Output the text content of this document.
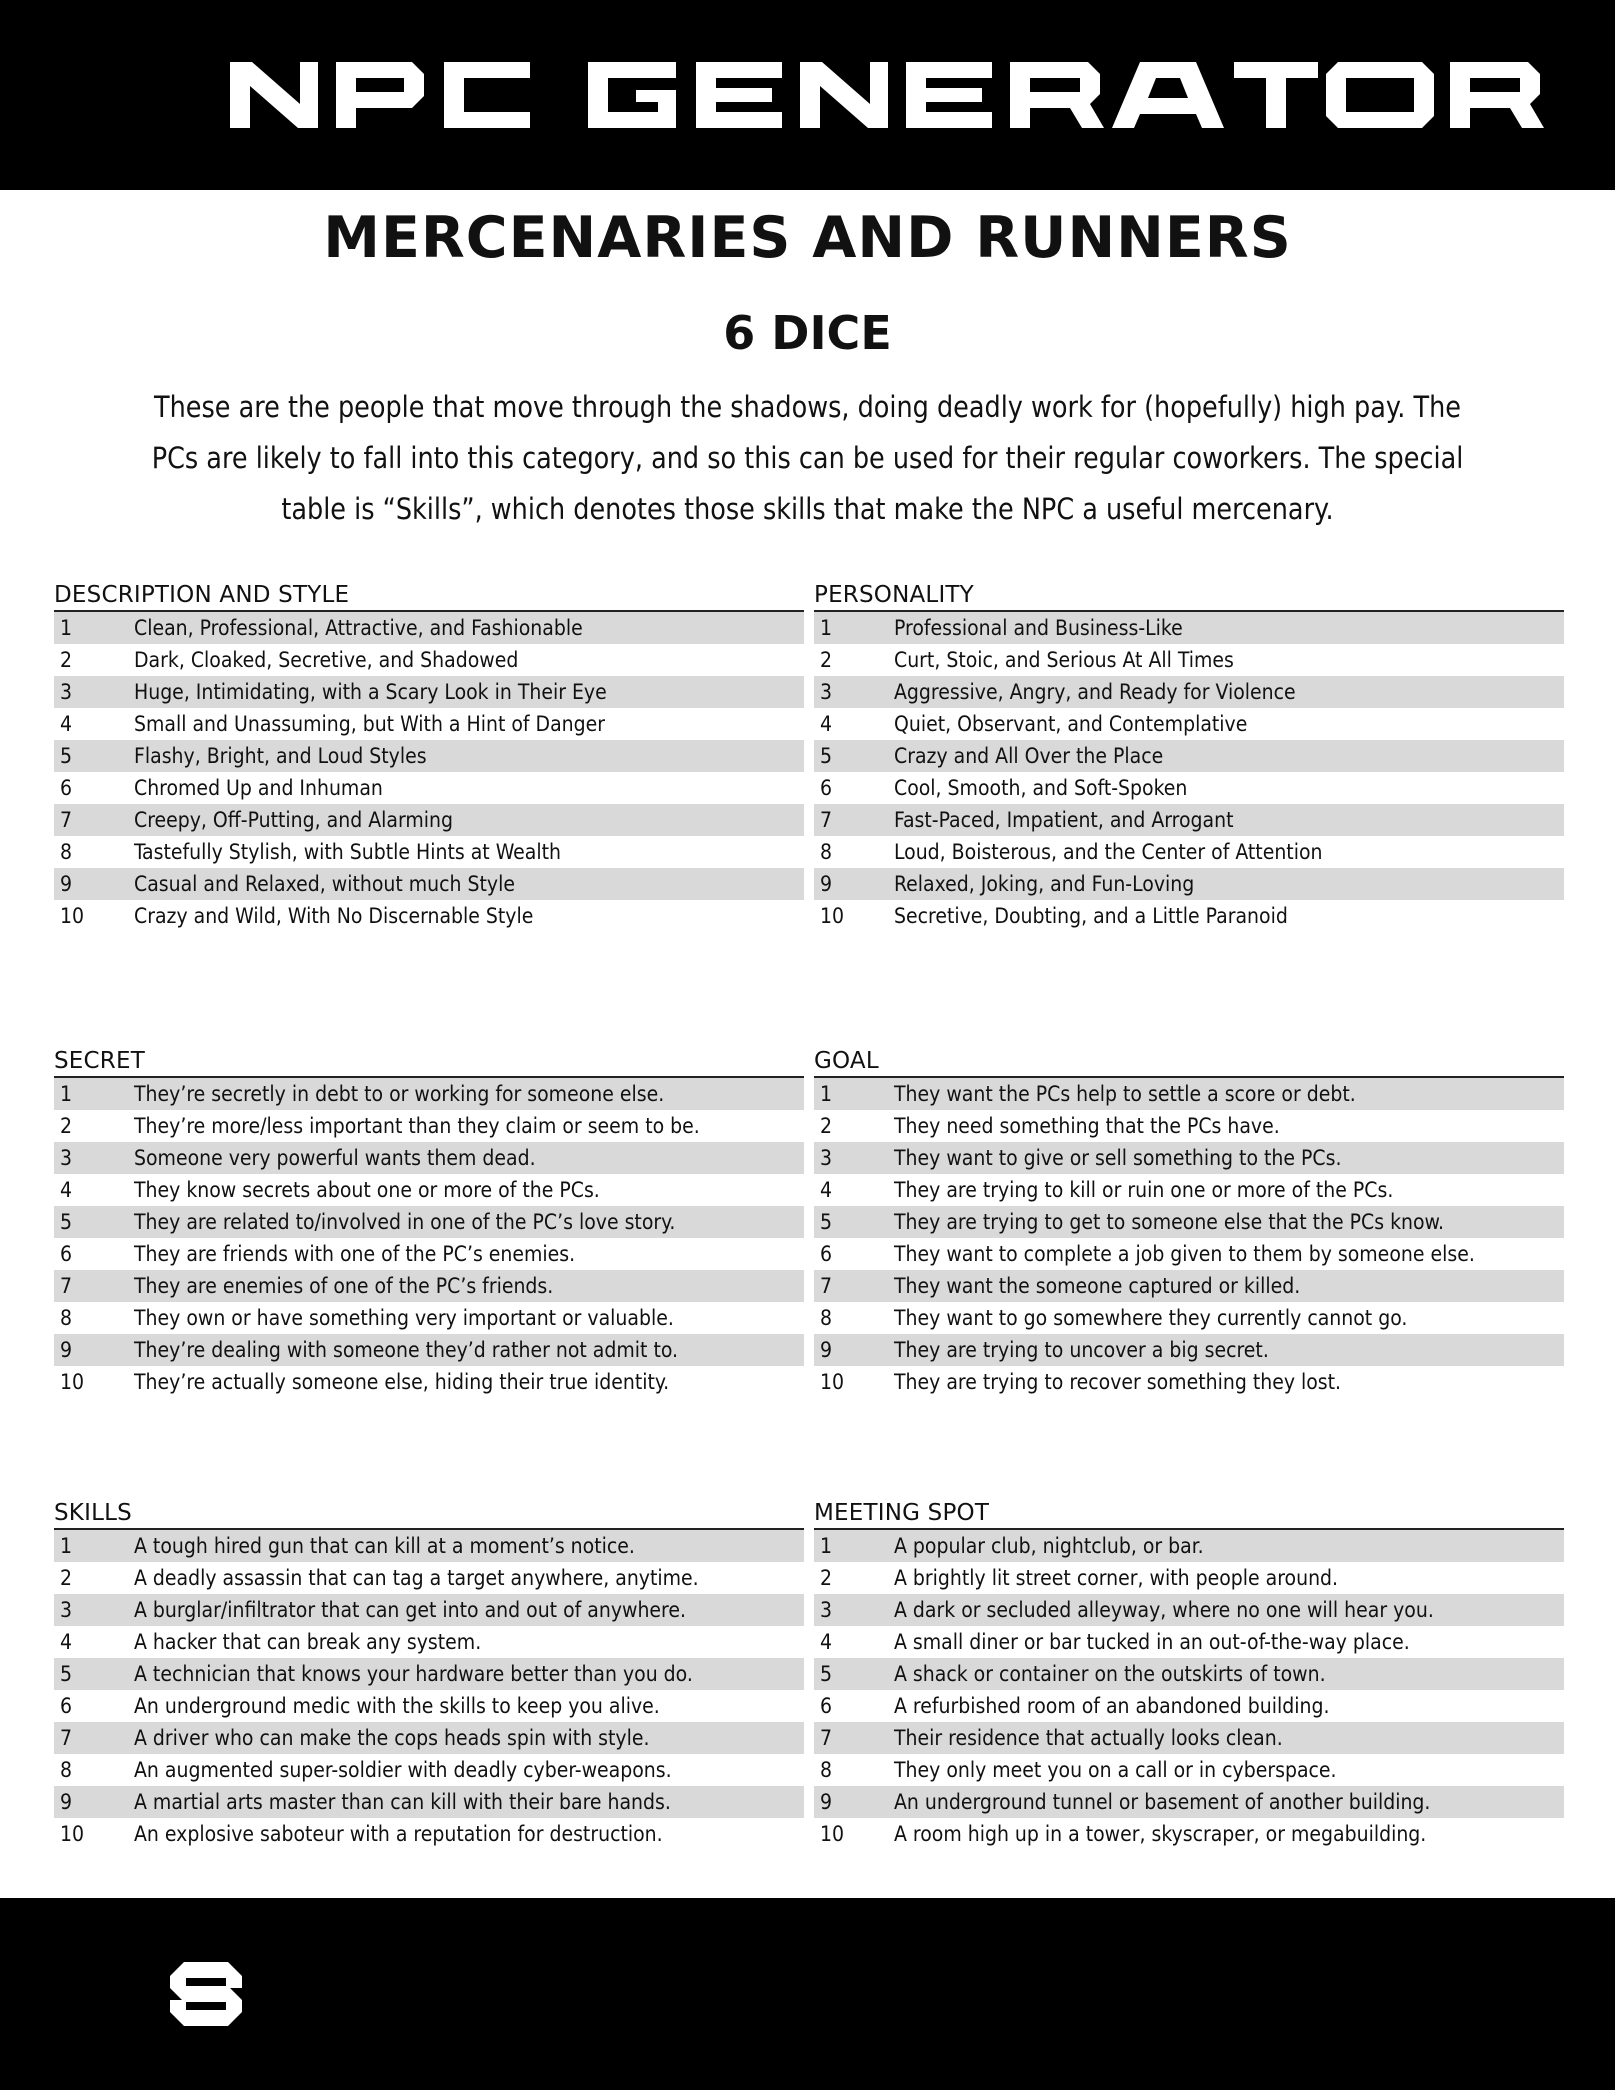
MERCENARIES AND RUNNERS
6 DICE
These are the people that move through the shadows, doing deadly work for (hopefully) high pay. The PCs are likely to fall into this category, and so this can be used for their regular coworkers. The special table is “Skills”, which denotes those skills that make the NPC a useful mercenary.
DESCRIPTION AND STYLE
1	Clean, Professional, Attractive, and Fashionable
2	Dark, Cloaked, Secretive, and Shadowed
3	Huge, Intimidating, with a Scary Look in Their Eye
4	Small and Unassuming, but With a Hint of Danger
5	Flashy, Bright, and Loud Styles
6	Chromed Up and Inhuman
7	Creepy, Off-Putting, and Alarming
8	Tastefully Stylish, with Subtle Hints at Wealth
9	Casual and Relaxed, without much Style
10	Crazy and Wild, With No Discernable Style
PERSONALITY
1	Professional and Business-Like
2	Curt, Stoic, and Serious At All Times
3	Aggressive, Angry, and Ready for Violence
4	Quiet, Observant, and Contemplative
5	Crazy and All Over the Place
6	Cool, Smooth, and Soft-Spoken
7	Fast-Paced, Impatient, and Arrogant
8	Loud, Boisterous, and the Center of Attention
9	Relaxed, Joking, and Fun-Loving
10	Secretive, Doubting, and a Little Paranoid
SECRET
1	They’re secretly in debt to or working for someone else.
2	They’re more/less important than they claim or seem to be.
3	Someone very powerful wants them dead.
4	They know secrets about one or more of the PCs.
5	They are related to/involved in one of the PC’s love story.
6	They are friends with one of the PC’s enemies.
7	They are enemies of one of the PC’s friends.
8	They own or have something very important or valuable.
9	They’re dealing with someone they’d rather not admit to.
10	They’re actually someone else, hiding their true identity.
GOAL
1	They want the PCs help to settle a score or debt.
2	They need something that the PCs have.
3	They want to give or sell something to the PCs.
4	They are trying to kill or ruin one or more of the PCs.
5	They are trying to get to someone else that the PCs know.
6	They want to complete a job given to them by someone else.
7	They want the someone captured or killed.
8	They want to go somewhere they currently cannot go.
9	They are trying to uncover a big secret.
10	They are trying to recover something they lost.
SKILLS
1	A tough hired gun that can kill at a moment’s notice.
2	A deadly assassin that can tag a target anywhere, anytime.
3	A burglar/infiltrator that can get into and out of anywhere.
4	A hacker that can break any system.
5	A technician that knows your hardware better than you do.
6	An underground medic with the skills to keep you alive.
7	A driver who can make the cops heads spin with style.
8	An augmented super-soldier with deadly cyber-weapons.
9	A martial arts master than can kill with their bare hands.
10	An explosive saboteur with a reputation for destruction.
MEETING SPOT
1	A popular club, nightclub, or bar.
2	A brightly lit street corner, with people around.
3	A dark or secluded alleyway, where no one will hear you.
4	A small diner or bar tucked in an out-of-the-way place.
5	A shack or container on the outskirts of town.
6	A refurbished room of an abandoned building.
7	Their residence that actually looks clean.
8	They only meet you on a call or in cyberspace.
9	An underground tunnel or basement of another building.
10	A room high up in a tower, skyscraper, or megabuilding.
